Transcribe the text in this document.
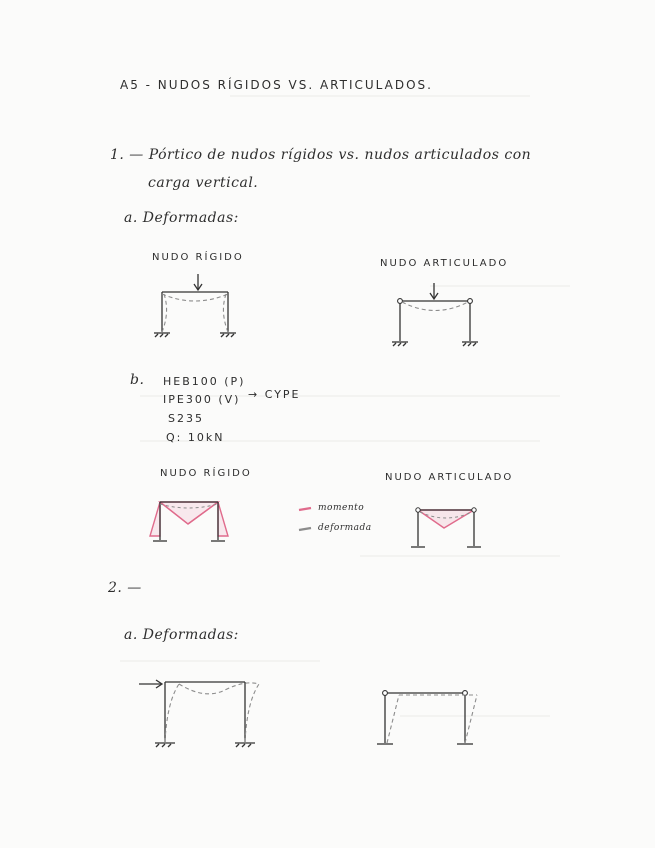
A5 - NUDOS RÍGIDOS VS. ARTICULADOS.
1. — Pórtico de nudos rígidos vs. nudos articulados con
carga vertical.
a. Deformadas:
NUDO RÍGIDO
NUDO ARTICULADO
b. HEB100 (P)
→ CYPE
IPE300 (V)
S235
Q: 10kN
NUDO RÍGIDO	NUDO ARTICULADO
momento
deformada
2. —
a. Deformadas:
